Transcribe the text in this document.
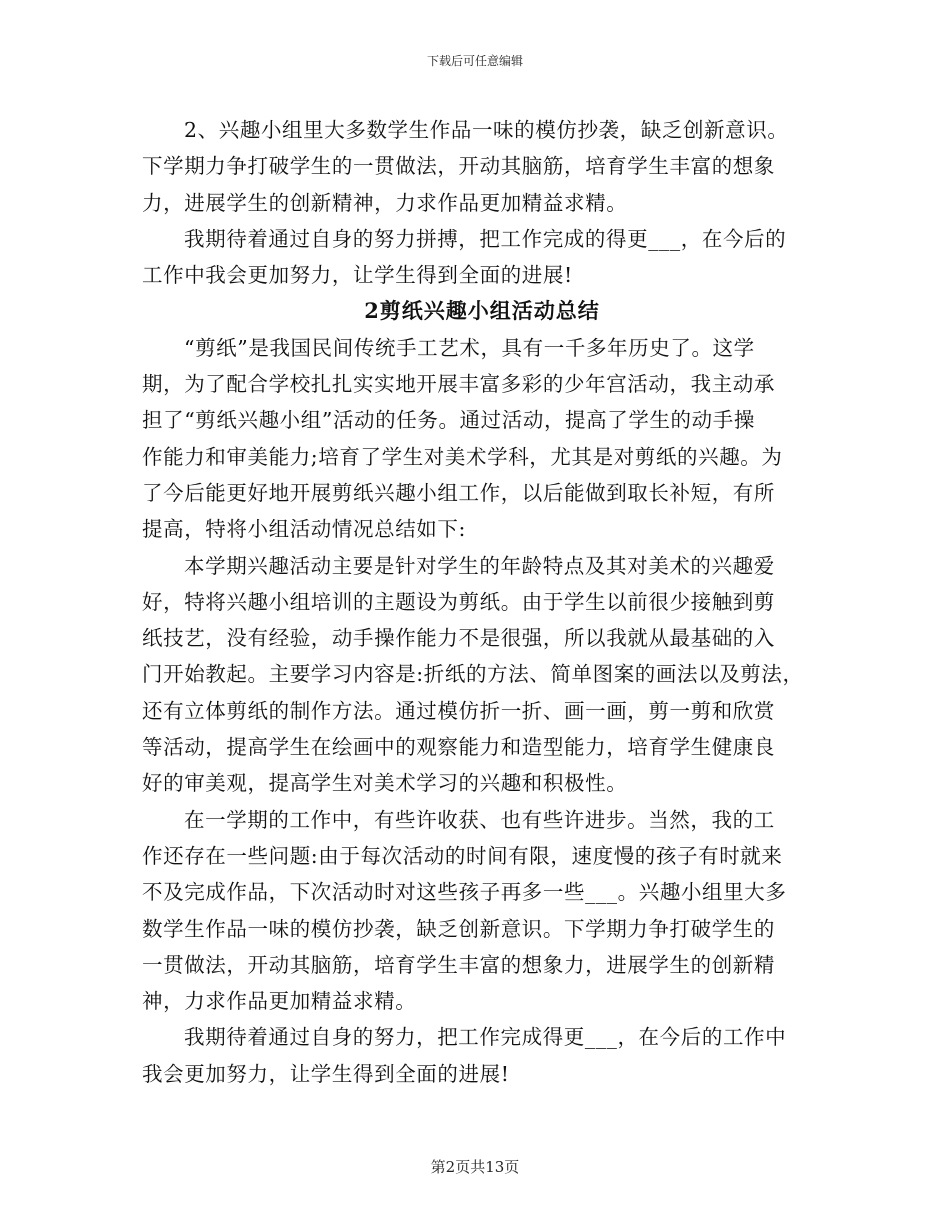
下载后可任意编辑
2、兴趣小组里大多数学生作品一味的模仿抄袭，缺乏创新意识。
下学期力争打破学生的一贯做法，开动其脑筋，培育学生丰富的想象
力，进展学生的创新精神，力求作品更加精益求精。
我期待着通过自身的努力拼搏，把工作完成的得更___，在今后的
工作中我会更加努力，让学生得到全面的进展!
2剪纸兴趣小组活动总结
“剪纸”是我国民间传统手工艺术，具有一千多年历史了。这学
期，为了配合学校扎扎实实地开展丰富多彩的少年宫活动，我主动承
担了“剪纸兴趣小组”活动的任务。通过活动，提高了学生的动手操
作能力和审美能力;培育了学生对美术学科，尤其是对剪纸的兴趣。为
了今后能更好地开展剪纸兴趣小组工作，以后能做到取长补短，有所
提高，特将小组活动情况总结如下:
本学期兴趣活动主要是针对学生的年龄特点及其对美术的兴趣爱
好，特将兴趣小组培训的主题设为剪纸。由于学生以前很少接触到剪
纸技艺，没有经验，动手操作能力不是很强，所以我就从最基础的入
门开始教起。主要学习内容是:折纸的方法、简单图案的画法以及剪法，
还有立体剪纸的制作方法。通过模仿折一折、画一画，剪一剪和欣赏
等活动，提高学生在绘画中的观察能力和造型能力，培育学生健康良
好的审美观，提高学生对美术学习的兴趣和积极性。
在一学期的工作中，有些许收获、也有些许进步。当然，我的工
作还存在一些问题:由于每次活动的时间有限，速度慢的孩子有时就来
不及完成作品，下次活动时对这些孩子再多一些___。兴趣小组里大多
数学生作品一味的模仿抄袭，缺乏创新意识。下学期力争打破学生的
一贯做法，开动其脑筋，培育学生丰富的想象力，进展学生的创新精
神，力求作品更加精益求精。
我期待着通过自身的努力，把工作完成得更___，在今后的工作中
我会更加努力，让学生得到全面的进展!
第2页共13页
